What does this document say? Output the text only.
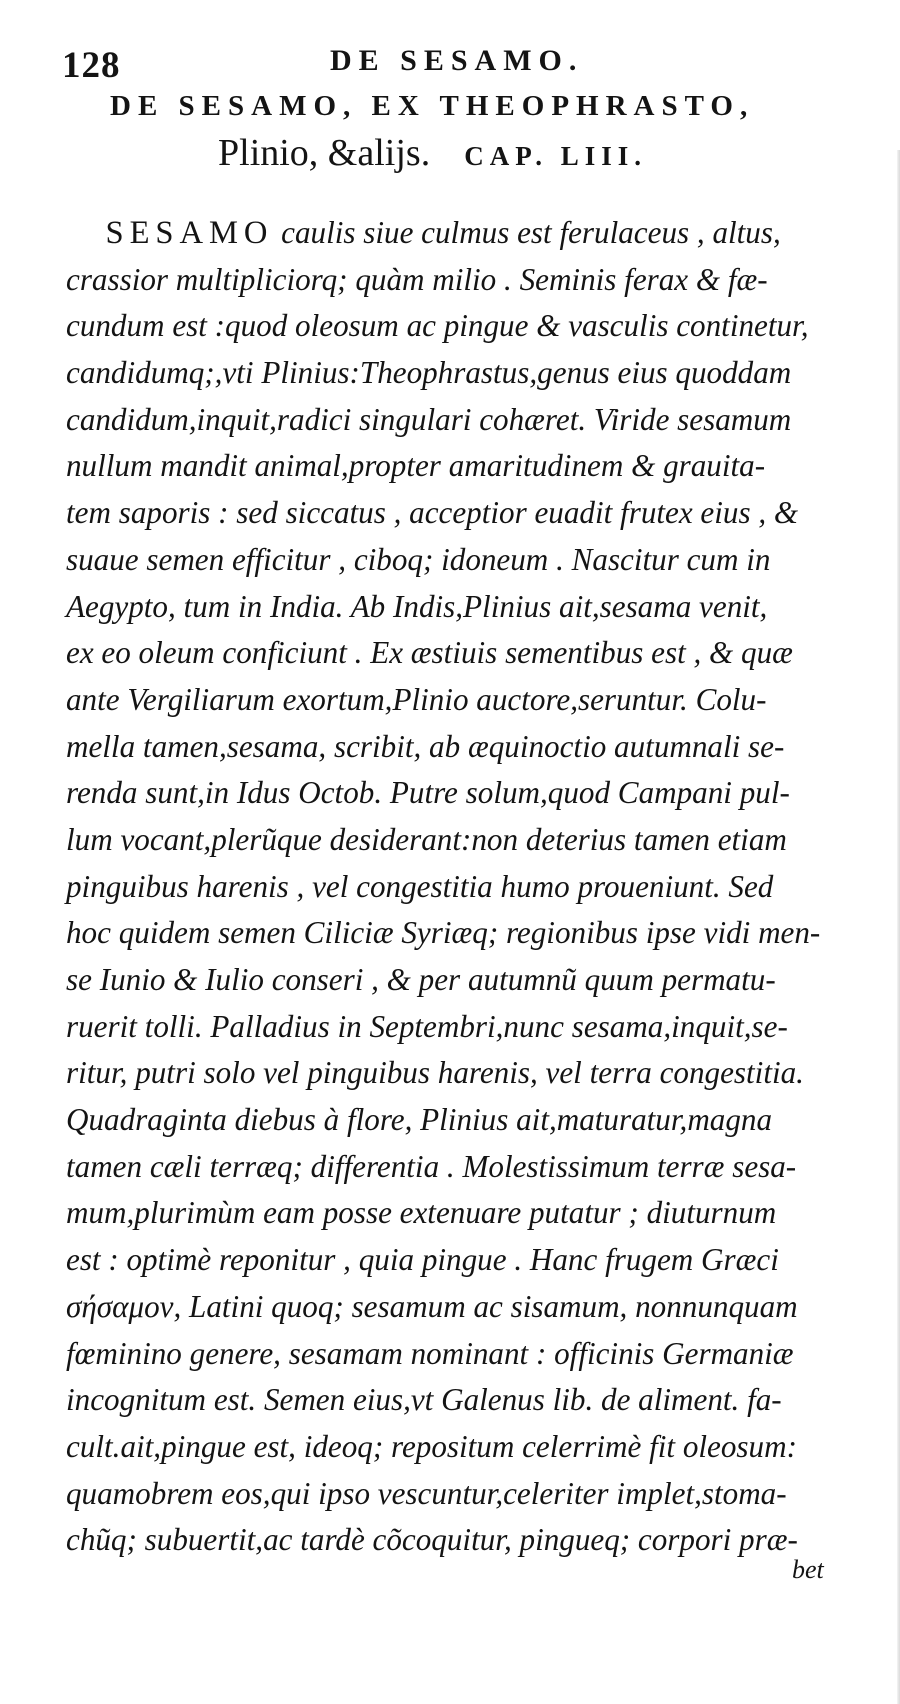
128	DE SESAMO.
DE SESAMO, EX THEOPHRASTO,
Plinio, &alijs. CAP. LIII.
SESAMO caulis siue culmus est ferulaceus , altus,
crassior multipliciorq; quàm milio . Seminis ferax & fæ-
cundum est :quod oleosum ac pingue & vasculis continetur,
candidumq;,vti Plinius:Theophrastus,genus eius quoddam
candidum,inquit,radici singulari cohæret. Viride sesamum
nullum mandit animal,propter amaritudinem & grauita-
tem saporis : sed siccatus , acceptior euadit frutex eius , &
suaue semen efficitur , ciboq; idoneum . Nascitur cum in
Aegypto, tum in India. Ab Indis,Plinius ait,sesama venit,
ex eo oleum conficiunt . Ex æstiuis sementibus est , & quæ
ante Vergiliarum exortum,Plinio auctore,seruntur. Colu-
mella tamen,sesama, scribit, ab æquinoctio autumnali se-
renda sunt,in Idus Octob. Putre solum,quod Campani pul-
lum vocant,plerũque desiderant:non deterius tamen etiam
pinguibus harenis , vel congestitia humo proueniunt. Sed
hoc quidem semen Ciliciæ Syriæq; regionibus ipse vidi men-
se Iunio & Iulio conseri , & per autumnũ quum permatu-
ruerit tolli. Palladius in Septembri,nunc sesama,inquit,se-
ritur, putri solo vel pinguibus harenis, vel terra congestitia.
Quadraginta diebus à flore, Plinius ait,maturatur,magna
tamen cæli terræq; differentia . Molestissimum terræ sesa-
mum,plurimùm eam posse extenuare putatur ; diuturnum
est : optimè reponitur , quia pingue . Hanc frugem Græci
σήσαμον, Latini quoq; sesamum ac sisamum, nonnunquam
fœminino genere, sesamam nominant : officinis Germaniæ
incognitum est. Semen eius,vt Galenus lib. de aliment. fa-
cult.ait,pingue est, ideoq; repositum celerrimè fit oleosum:
quamobrem eos,qui ipso vescuntur,celeriter implet,stoma-
chũq; subuertit,ac tardè cõcoquitur, pingueq; corpori præ-
bet
